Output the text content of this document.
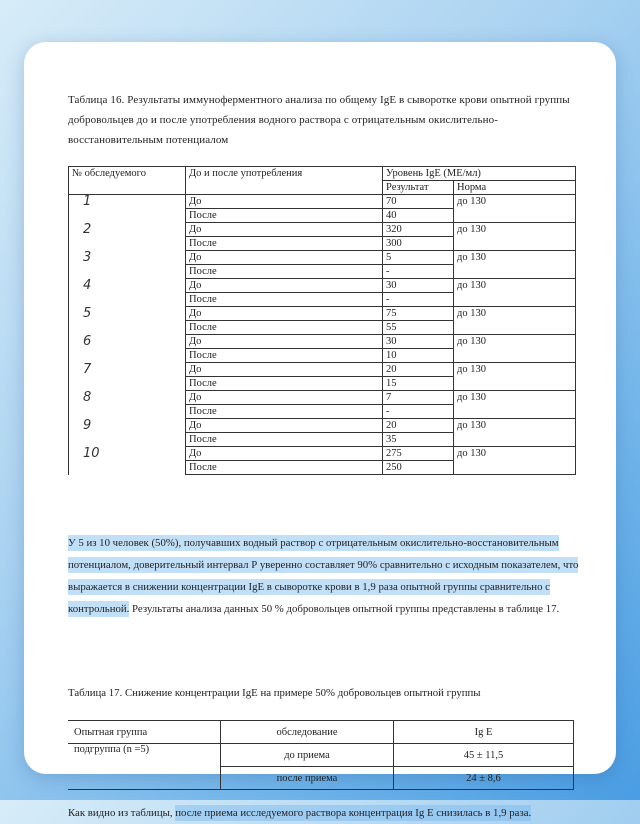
Таблица 16. Результаты иммуноферментного анализа по общему IgE в сыворотке крови опытной группы добровольцев до и после употребления водного раствора с отрицательным окислительно-восстановительным потенциалом
№ обследуемого	До и после употребления	Уровень IgE (МЕ/мл)	
		Результат	Норма
1	До	70	до 130
	После	40	
2	До	320	до 130
	После	300	
3	До	5	до 130
	После	-	
4	До	30	до 130
	После	-	
5	До	75	до 130
	После	55	
6	До	30	до 130
	После	10	
7	До	20	до 130
	После	15	
8	До	7	до 130
	После	-	
9	До	20	до 130
	После	35	
10	До	275	до 130
	После	250	
У 5 из 10 человек (50%), получавших водный раствор с отрицательным окислительно-восстановительным потенциалом, доверительный интервал Р уверенно составляет 90% сравнительно с исходным показателем, что выражается в снижении концентрации IgE в сыворотке крови в 1,9 раза опытной группы сравнительно с контрольной. Результаты анализа данных 50 % добровольцев опытной группы представлены в таблице 17.
Таблица 17. Снижение концентрации IgE на примере 50% добровольцев опытной группы
Опытная группа	обследование	Ig E
подгруппа (n =5)	до приема	45 ± 11,5
	после приема	24 ± 8,6
Как видно из таблицы, после приема исследуемого раствора концентрация Ig E снизилась в 1,9 раза.
